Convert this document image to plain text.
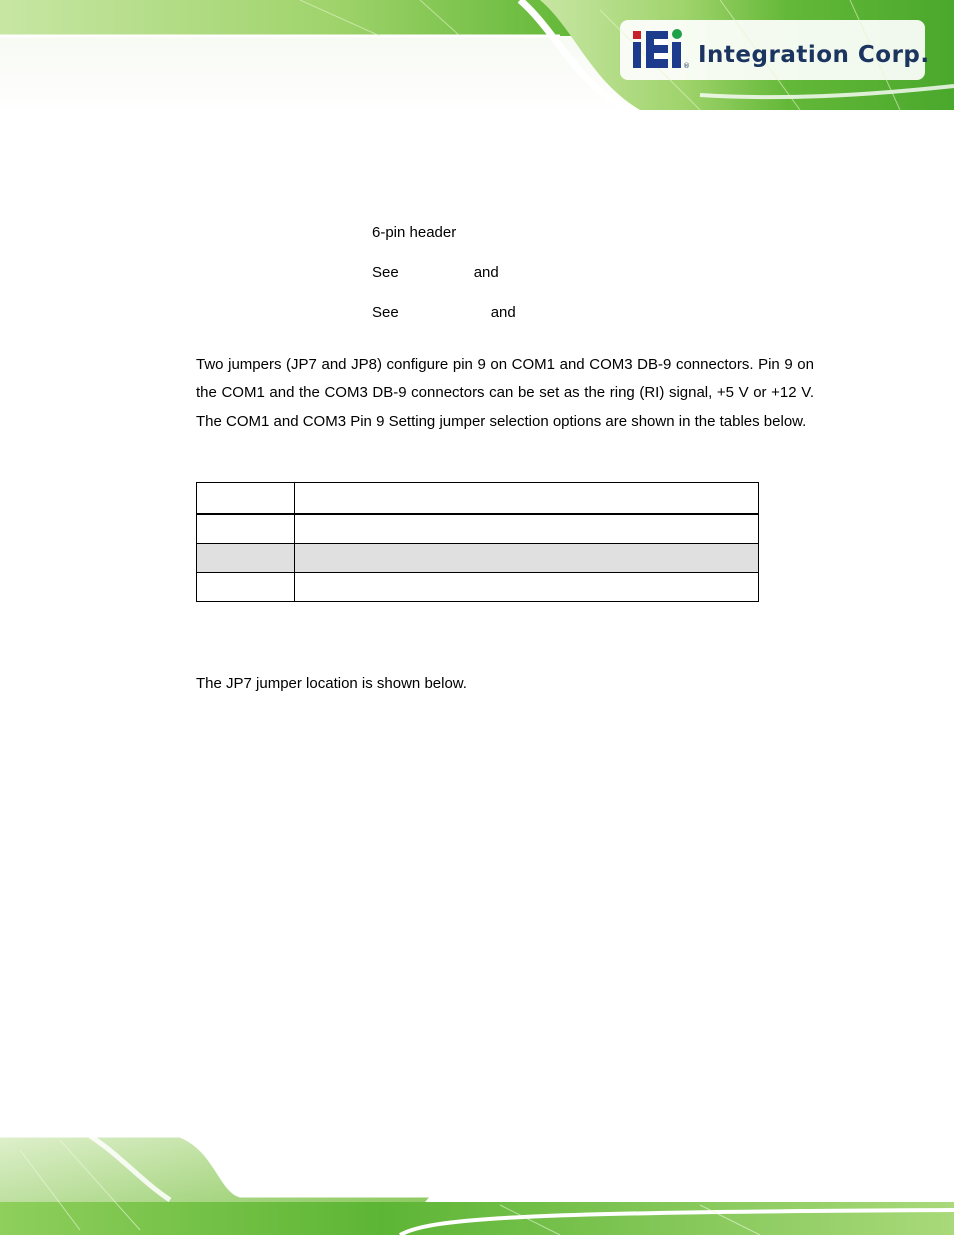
® Integration Corp.
6-pin header
See	and
See	and

Two jumpers (JP7 and JP8) configure pin 9 on COM1 and COM3 DB-9 connectors. Pin 9 on the COM1 and the COM3 DB-9 connectors can be set as the ring (RI) signal, +5 V or +12 V. The COM1 and COM3 Pin 9 Setting jumper selection options are shown in the tables below.

The JP7 jumper location is shown below.
